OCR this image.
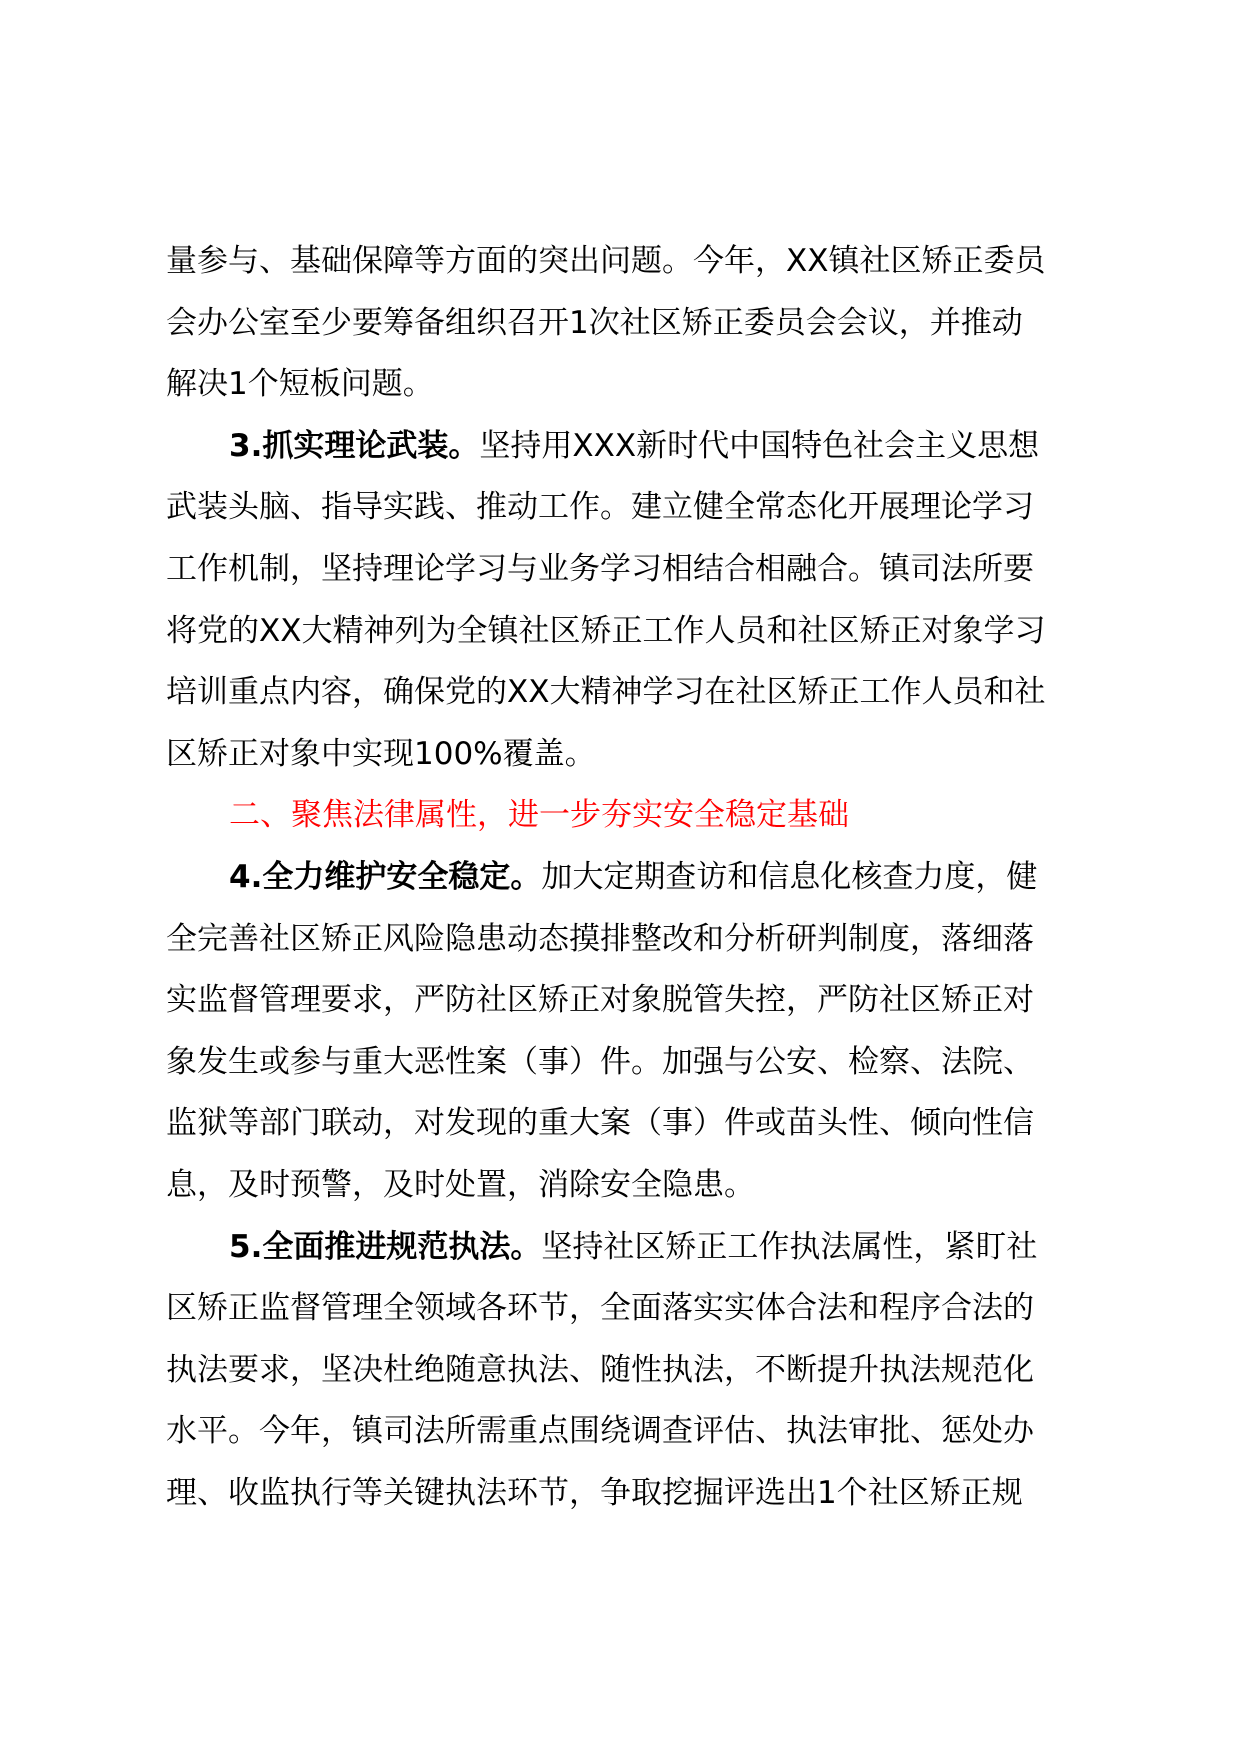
量参与、基础保障等方面的突出问题。今年，XX镇社区矫正委员
会办公室至少要筹备组织召开1次社区矫正委员会会议，并推动
解决1个短板问题。
3.抓实理论武装。坚持用XXX新时代中国特色社会主义思想
武装头脑、指导实践、推动工作。建立健全常态化开展理论学习
工作机制，坚持理论学习与业务学习相结合相融合。镇司法所要
将党的XX大精神列为全镇社区矫正工作人员和社区矫正对象学习
培训重点内容，确保党的XX大精神学习在社区矫正工作人员和社
区矫正对象中实现100%覆盖。
二、聚焦法律属性，进一步夯实安全稳定基础
4.全力维护安全稳定。加大定期查访和信息化核查力度，健
全完善社区矫正风险隐患动态摸排整改和分析研判制度，落细落
实监督管理要求，严防社区矫正对象脱管失控，严防社区矫正对
象发生或参与重大恶性案（事）件。加强与公安、检察、法院、
监狱等部门联动，对发现的重大案（事）件或苗头性、倾向性信
息，及时预警，及时处置，消除安全隐患。
5.全面推进规范执法。坚持社区矫正工作执法属性，紧盯社
区矫正监督管理全领域各环节，全面落实实体合法和程序合法的
执法要求，坚决杜绝随意执法、随性执法，不断提升执法规范化
水平。今年，镇司法所需重点围绕调查评估、执法审批、惩处办
理、收监执行等关键执法环节，争取挖掘评选出1个社区矫正规
